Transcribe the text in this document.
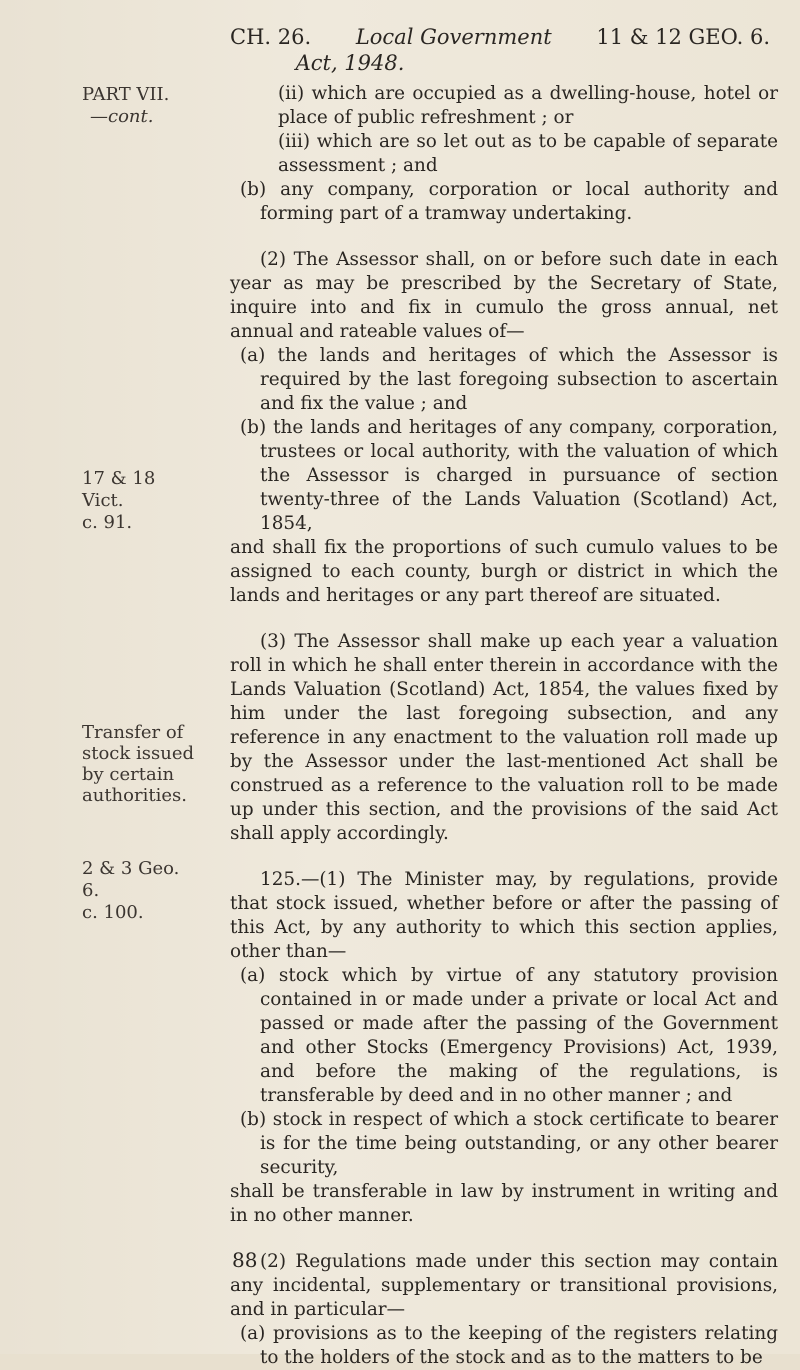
CH. 26. Local Government 11 & 12 GEO. 6.
Act, 1948.
PART VII.
—cont.
17 & 18 Vict.
c. 91.
Transfer of
stock issued
by certain
authorities.
2 & 3 Geo. 6.
c. 100.

(ii) which are occupied as a dwelling-house, hotel or place of public refreshment ; or

(iii) which are so let out as to be capable of separate assessment ; and

(b) any company, corporation or local authority and forming part of a tramway undertaking.

(2) The Assessor shall, on or before such date in each year as may be prescribed by the Secretary of State, inquire into and fix in cumulo the gross annual, net annual and rateable values of—

(a) the lands and heritages of which the Assessor is required by the last foregoing subsection to ascertain and fix the value ; and

(b) the lands and heritages of any company, corporation, trustees or local authority, with the valuation of which the Assessor is charged in pursuance of section twenty-three of the Lands Valuation (Scotland) Act, 1854,

and shall fix the proportions of such cumulo values to be assigned to each county, burgh or district in which the lands and heritages or any part thereof are situated.

(3) The Assessor shall make up each year a valuation roll in which he shall enter therein in accordance with the Lands Valuation (Scotland) Act, 1854, the values fixed by him under the last foregoing subsection, and any reference in any enactment to the valuation roll made up by the Assessor under the last-mentioned Act shall be construed as a reference to the valuation roll to be made up under this section, and the provisions of the said Act shall apply accordingly.

125.—(1) The Minister may, by regulations, provide that stock issued, whether before or after the passing of this Act, by any authority to which this section applies, other than—

(a) stock which by virtue of any statutory provision contained in or made under a private or local Act and passed or made after the passing of the Government and other Stocks (Emergency Provisions) Act, 1939, and before the making of the regulations, is transferable by deed and in no other manner ; and

(b) stock in respect of which a stock certificate to bearer is for the time being outstanding, or any other bearer security,

shall be transferable in law by instrument in writing and in no other manner.

(2) Regulations made under this section may contain any incidental, supplementary or transitional provisions, and in particular—

(a) provisions as to the keeping of the registers relating to the holders of the stock and as to the matters to be

88
